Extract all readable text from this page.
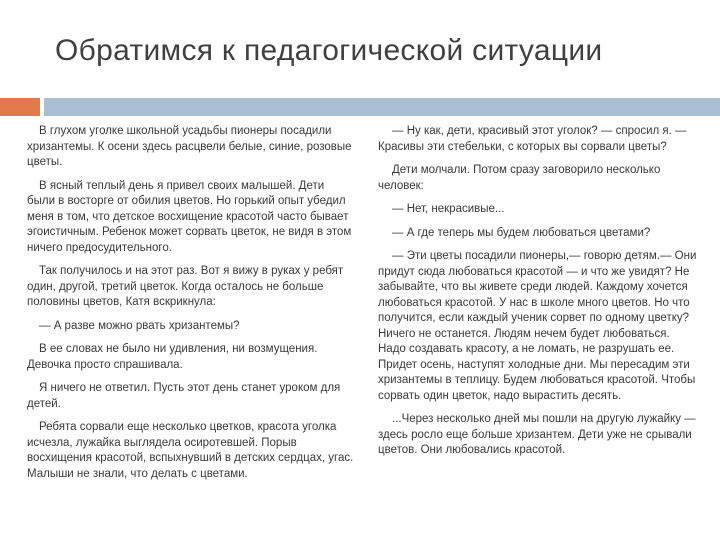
Обратимся к педагогической ситуации

В глухом уголке школьной усадьбы пионеры посадили хризантемы. К осени здесь расцвели белые, синие, розовые цветы.

В ясный теплый день я привел своих малышей. Дети были в восторге от обилия цветов. Но горький опыт убедил меня в том, что детское восхищение красотой часто бывает эгоистичным. Ребенок может сорвать цветок, не видя в этом ничего предосудительного.

Так получилось и на этот раз. Вот я вижу в руках у ребят один, другой, третий цветок. Когда осталось не больше половины цветов, Катя вскрикнула:

— А разве можно рвать хризантемы?

В ее словах не было ни удивления, ни возмущения. Девочка просто спрашивала.

Я ничего не ответил. Пусть этот день станет уроком для детей.

Ребята сорвали еще несколько цветков, красота уголка исчезла, лужайка выглядела осиротевшей. Порыв восхищения красотой, вспыхнувший в детских сердцах, угас. Малыши не знали, что делать с цветами.

— Ну как, дети, красивый этот уголок? — спросил я. — Красивы эти стебельки, с которых вы сорвали цветы?

Дети молчали. Потом сразу заговорило несколько человек:

— Нет, некрасивые...

— А где теперь мы будем любоваться цветами?

— Эти цветы посадили пионеры,— говорю детям.— Они придут сюда любоваться красотой — и что же увидят? Не забывайте, что вы живете среди людей. Каждому хочется любоваться красотой. У нас в школе много цветов. Но что получится, если каждый ученик сорвет по одному цветку? Ничего не останется. Людям нечем будет любоваться. Надо создавать красоту, а не ломать, не разрушать ее. Придет осень, наступят холодные дни. Мы пересадим эти хризантемы в теплицу. Будем любоваться красотой. Чтобы сорвать один цветок, надо вырастить десять.

...Через несколько дней мы пошли на другую лужайку — здесь росло еще больше хризантем. Дети уже не срывали цветов. Они любовались красотой.
